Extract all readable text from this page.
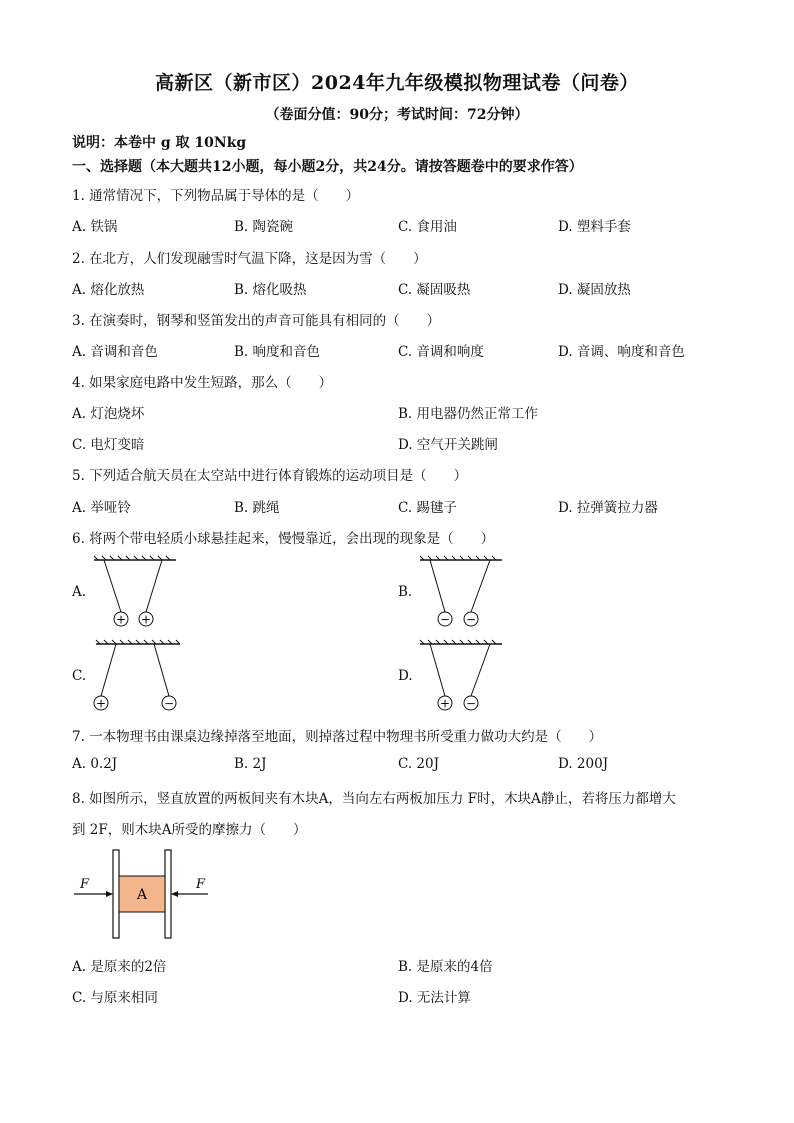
高新区（新市区）2024年九年级模拟物理试卷（问卷）
（卷面分值：90分；考试时间：72分钟）
说明：本卷中 g 取 10Nkg
一、选择题（本大题共12小题，每小题2分，共24分。请按答题卷中的要求作答）
1. 通常情况下，下列物品属于导体的是（　　）
A. 铁锅	B. 陶瓷碗	C. 食用油	D. 塑料手套
2. 在北方，人们发现融雪时气温下降，这是因为雪（　　）
A. 熔化放热	B. 熔化吸热	C. 凝固吸热	D. 凝固放热
3. 在演奏时，钢琴和竖笛发出的声音可能具有相同的（　　）
A. 音调和音色	B. 响度和音色	C. 音调和响度	D. 音调、响度和音色
4. 如果家庭电路中发生短路，那么（　　）
A. 灯泡烧坏	B. 用电器仍然正常工作
C. 电灯变暗	D. 空气开关跳闸
5. 下列适合航天员在太空站中进行体育锻炼的运动项目是（　　）
A. 举哑铃	B. 跳绳	C. 踢毽子	D. 拉弹簧拉力器
6. 将两个带电轻质小球悬挂起来，慢慢靠近，会出现的现象是（　　）
A.
+ +
B.
− −
C.
+	−
D.
+ −
7. 一本物理书由课桌边缘掉落至地面，则掉落过程中物理书所受重力做功大约是（　　）
A. 0.2J	B. 2J	C. 20J	D. 200J
8. 如图所示，竖直放置的两板间夹有木块A，当向左右两板加压力 F时，木块A静止，若将压力都增大
到 2F，则木块A所受的摩擦力（　　）
A
F	F
A. 是原来的2倍	B. 是原来的4倍
C. 与原来相同	D. 无法计算
